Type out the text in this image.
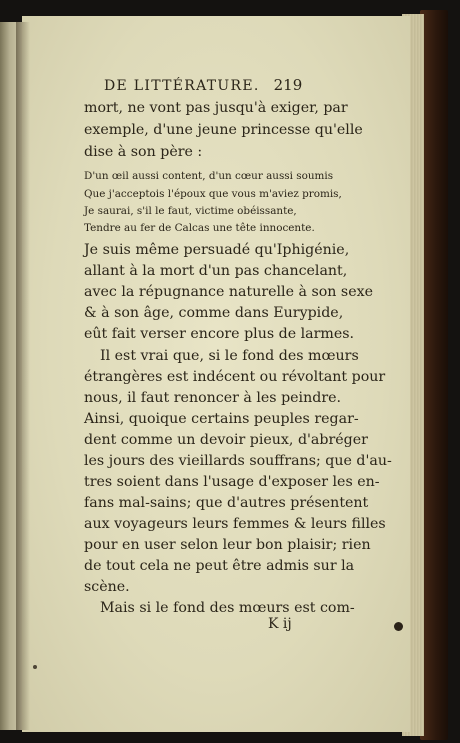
DE LITTÉRATURE. 219
mort, ne vont pas jusqu'à exiger, par
exemple, d'une jeune princesse qu'elle
dise à son père :
D'un œil aussi content, d'un cœur aussi soumis
Que j'acceptois l'époux que vous m'aviez promis,
Je saurai, s'il le faut, victime obéissante,
Tendre au fer de Calcas une tête innocente.
Je suis même persuadé qu'Iphigénie,
allant à la mort d'un pas chancelant,
avec la répugnance naturelle à son sexe
& à son âge, comme dans Eurypide,
eût fait verser encore plus de larmes.
Il est vrai que, si le fond des mœurs
étrangères est indécent ou révoltant pour
nous, il faut renoncer à les peindre.
Ainsi, quoique certains peuples regar-
dent comme un devoir pieux, d'abréger
les jours des vieillards souffrans; que d'au-
tres soient dans l'usage d'exposer les en-
fans mal-sains; que d'autres présentent
aux voyageurs leurs femmes & leurs filles
pour en user selon leur bon plaisir; rien
de tout cela ne peut être admis sur la
scène.
Mais si le fond des mœurs est com-
K ij
